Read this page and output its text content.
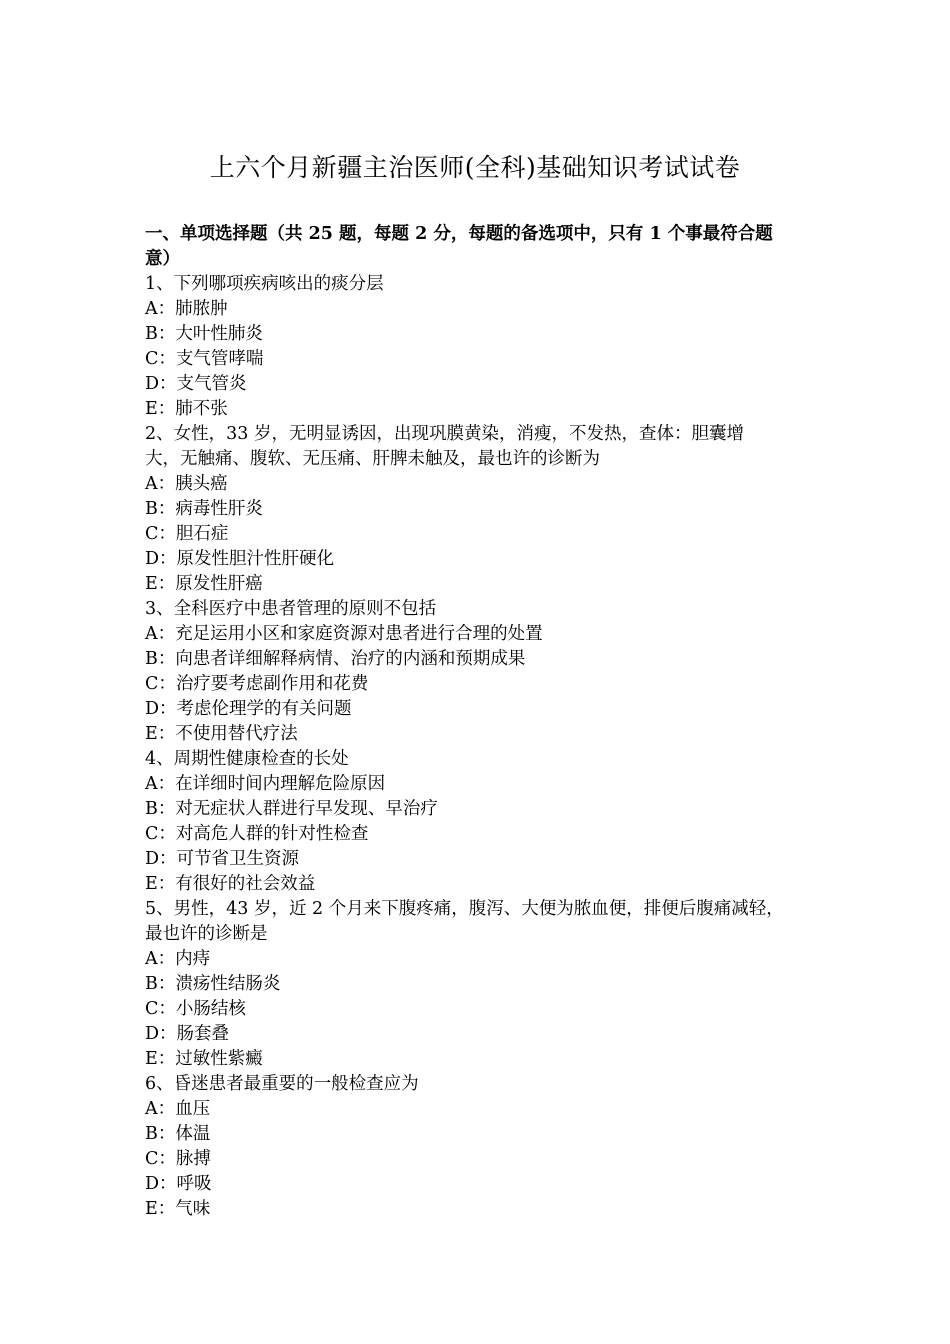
上六个月新疆主治医师(全科)基础知识考试试卷
一、单项选择题（共 25 题，每题 2 分，每题的备选项中，只有 1 个事最符合题
意）
1、下列哪项疾病咳出的痰分层
A：肺脓肿
B：大叶性肺炎
C：支气管哮喘
D：支气管炎
E：肺不张
2、女性，33 岁，无明显诱因，出现巩膜黄染，消瘦，不发热，查体：胆囊增
大，无触痛、腹软、无压痛、肝脾未触及，最也许的诊断为
A：胰头癌
B：病毒性肝炎
C：胆石症
D：原发性胆汁性肝硬化
E：原发性肝癌
3、全科医疗中患者管理的原则不包括
A：充足运用小区和家庭资源对患者进行合理的处置
B：向患者详细解释病情、治疗的内涵和预期成果
C：治疗要考虑副作用和花费
D：考虑伦理学的有关问题
E：不使用替代疗法
4、周期性健康检查的长处
A：在详细时间内理解危险原因
B：对无症状人群进行早发现、早治疗
C：对高危人群的针对性检查
D：可节省卫生资源
E：有很好的社会效益
5、男性，43 岁，近 2 个月来下腹疼痛，腹泻、大便为脓血便，排便后腹痛减轻，
最也许的诊断是
A：内痔
B：溃疡性结肠炎
C：小肠结核
D：肠套叠
E：过敏性紫癜
6、昏迷患者最重要的一般检查应为
A：血压
B：体温
C：脉搏
D：呼吸
E：气味
